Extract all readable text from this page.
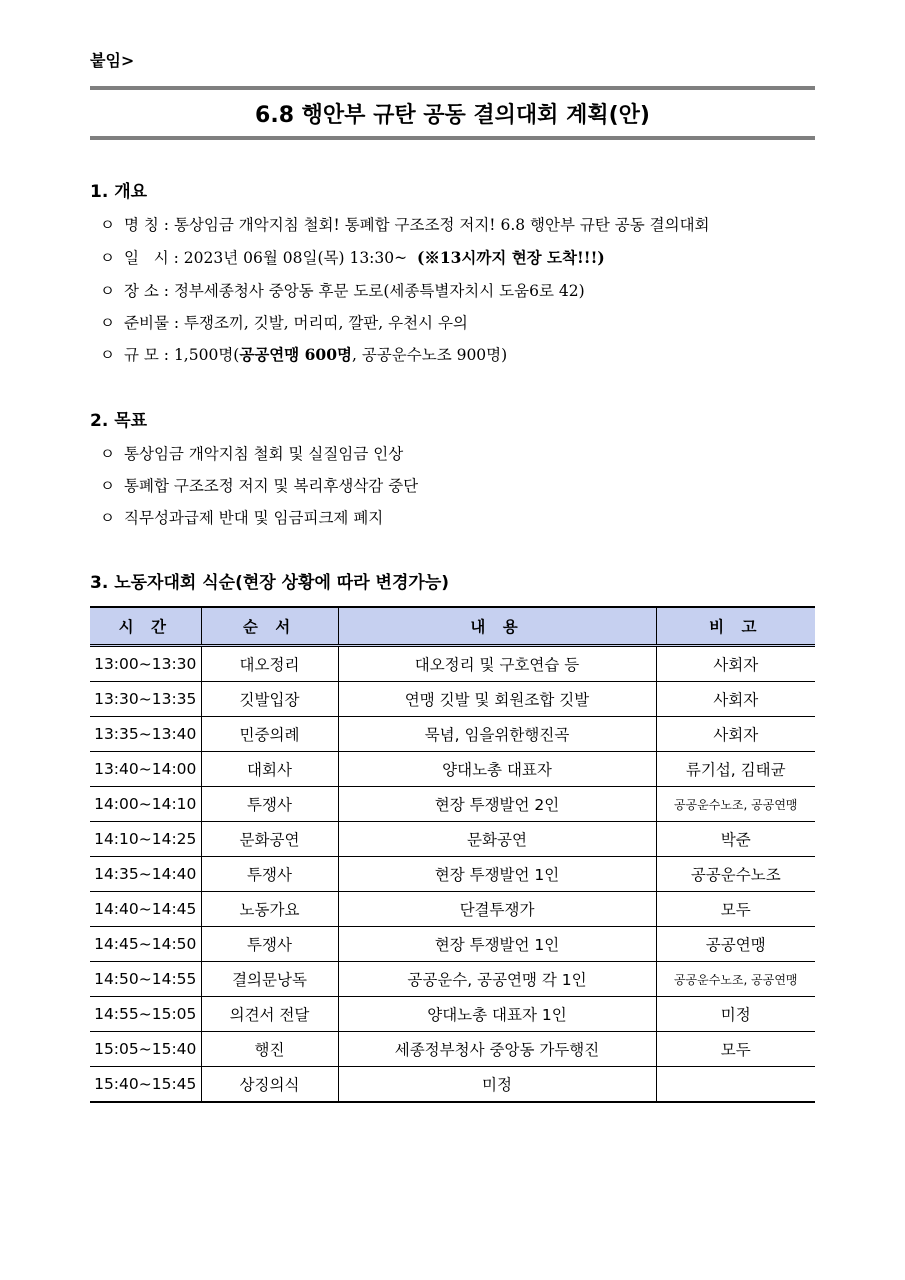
붙임>
6.8 행안부 규탄 공동 결의대회 계획(안)
1. 개요
ㅇ 명 칭 : 통상임금 개악지침 철회! 통폐합 구조조정 저지! 6.8 행안부 규탄 공동 결의대회
ㅇ 일   시 : 2023년 06월 08일(목) 13:30~  (※13시까지 현장 도착!!!)
ㅇ 장 소 : 정부세종청사 중앙동 후문 도로(세종특별자치시 도움6로 42)
ㅇ 준비물 : 투쟁조끼, 깃발, 머리띠, 깔판, 우천시 우의
ㅇ 규 모 : 1,500명(공공연맹 600명, 공공운수노조 900명)
2. 목표
ㅇ 통상임금 개악지침 철회 및 실질임금 인상
ㅇ 통폐합 구조조정 저지 및 복리후생삭감 중단
ㅇ 직무성과급제 반대 및 임금피크제 폐지
3. 노동자대회 식순(현장 상황에 따라 변경가능)
시 간	순 서	내 용	비 고
13:00~13:30	대오정리	대오정리 및 구호연습 등	사회자
13:30~13:35	깃발입장	연맹 깃발 및 회원조합 깃발	사회자
13:35~13:40	민중의례	묵념, 임을위한행진곡	사회자
13:40~14:00	대회사	양대노총 대표자	류기섭, 김태균
14:00~14:10	투쟁사	현장 투쟁발언 2인	공공운수노조, 공공연맹
14:10~14:25	문화공연	문화공연	박준
14:35~14:40	투쟁사	현장 투쟁발언 1인	공공운수노조
14:40~14:45	노동가요	단결투쟁가	모두
14:45~14:50	투쟁사	현장 투쟁발언 1인	공공연맹
14:50~14:55	결의문낭독	공공운수, 공공연맹 각 1인	공공운수노조, 공공연맹
14:55~15:05	의견서 전달	양대노총 대표자 1인	미정
15:05~15:40	행진	세종정부청사 중앙동 가두행진	모두
15:40~15:45	상징의식	미정	
